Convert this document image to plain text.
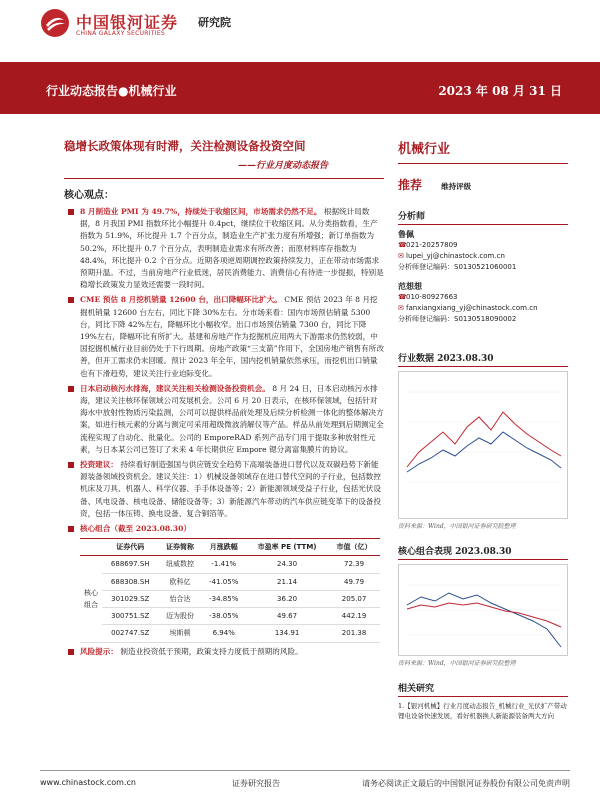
中国银河证券
CHINA GALAXY SECURITIES
研究院
行业动态报告●机械行业	2023 年 08 月 31 日
稳增长政策体现有时滞，关注检测设备投资空间
——行业月度动态报告
核心观点：
8 月制造业 PMI 为 49.7%，持续处于收缩区间，市场需求仍然不足。 根据统计局数据，8 月我国 PMI 指数环比小幅提升 0.4pct，继续位于收缩区间。从分类指数看，生产指数为 51.9%，环比提升 1.7 个百分点，制造业生产扩张力度有所增强；新订单指数为 50.2%，环比提升 0.7 个百分点，表明制造业需求有所改善；而原材料库存指数为 48.4%，环比提升 0.2 个百分点。近期各项逆周期调控政策持续发力，正在带动市场需求预期升温。不过，当前房地产行业低迷，居民消费能力、消费信心有待进一步提振，特别是稳增长政策发力显效还需要一段时间。
CME 预估 8 月挖机销量 12600 台，出口降幅环比扩大。 CME 预估 2023 年 8 月挖掘机销量 12600 台左右，同比下降 30%左右。分市场来看：国内市场预估销量 5300 台，同比下降 42%左右，降幅环比小幅收窄。出口市场预估销量 7300 台，同比下降 19%左右，降幅环比有所扩大。基建和房地产作为挖掘机应用两大下游需求仍然较弱，中国挖掘机械行业目前仍处于下行周期。房地产政策“三支箭”作用下，全国房地产销售有所改善，但开工需求仍未回暖。预计 2023 年全年，国内挖机销量依然承压，而挖机出口销量也有下滑趋势，建议关注行业迫际变化。
日本启动核污水排海，建议关注相关检测设备投资机会。 8 月 24 日，日本启动核污水排海，建议关注核环保领域公司发展机会。公司 6 月 20 日表示，在核环保领域，包括针对海水中放射性物质污染监测，公司可以提供样品前处理及后续分析检测一体化的整体解决方案，如进行核元素的分离与测定可采用超级微波消解仪等产品。样品从前处理到后期测定全流程实现了自动化、批量化。公司的 EmporeRAD 系列产品专门用于提取多种放射性元素，与日本某公司已签订了未来 4 年长期供应 Empore 锶分离富集膜片的协议。
投资建议： 持续看好制造强国与供应链安全趋势下高端装备进口替代以及双碳趋势下新能源装备领域投资机会。建议关注：1）机械设备领域存在进口替代空间的子行业，包括数控机床及刀具、机器人、科学仪器、手手体设备等；2）新能源领域受益子行业，包括光伏设备、风电设备、核电设备、储能设备等；3）新能源汽车带动的汽车供应链变革下的设备投资，包括一体压铸、换电设备、复合铜箔等。
核心组合（截至 2023.08.30）
	证券代码	证券简称	月涨跌幅	市盈率 PE (TTM)	市值（亿）
核心组合	688697.SH	纽威数控	-1.41%	24.30	72.39
	688308.SH	欧科亿	-41.05%	21.14	49.79
	301029.SZ	怡合达	-34.85%	36.20	205.07
	300751.SZ	迈为股份	-38.05%	49.67	442.19
	002747.SZ	埃斯顿	6.94%	134.91	201.38
风险提示： 制造业投资低于预期，政策支持力度低于预期的风险。
机械行业
推荐	维持评级
分析师
鲁佩
☎021-20257809
✉ lupei_yj@chinastock.com.cn
分析师登记编码：S0130521060001
范想想
☎010-80927663
✉ fanxiangxiang_yj@chinastock.com.cn
分析师登记编码：S0130518090002
行业数据 2023.08.30
资料来源：Wind，中国银河证券研究院整理
核心组合表现 2023.08.30
资料来源：Wind，中国银河证券研究院整理
相关研究
1.【银河机械】行业月度动态报告_机械行业_光伏扩产带动锂电设备快速发展，看好机器换人新能源装备两大方向
www.chinastock.com.cn	证券研究报告	请务必阅读正文最后的中国银河证券股份有限公司免责声明
